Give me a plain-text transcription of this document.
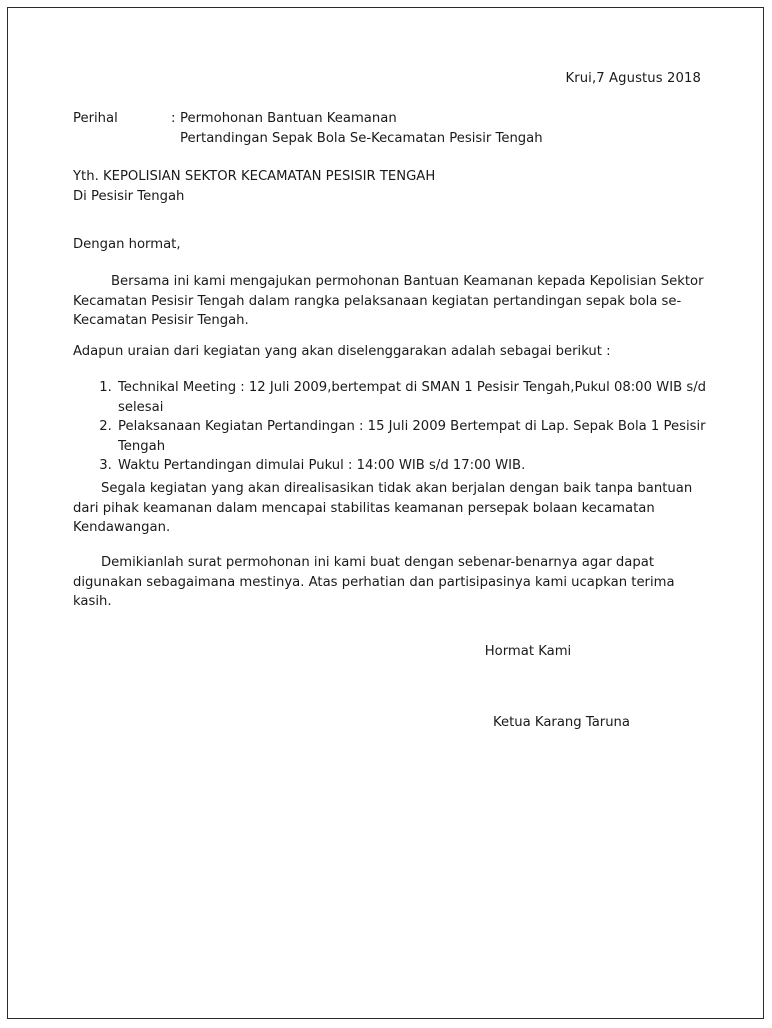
Krui,7 Agustus 2018
Perihal	: Permohonan Bantuan Keamanan
Pertandingan Sepak Bola Se-Kecamatan Pesisir Tengah
Yth. KEPOLISIAN SEKTOR KECAMATAN PESISIR TENGAH
Di Pesisir Tengah
Dengan hormat,
Bersama ini kami mengajukan permohonan Bantuan Keamanan kepada Kepolisian Sektor Kecamatan Pesisir Tengah dalam rangka pelaksanaan kegiatan pertandingan sepak bola se-Kecamatan Pesisir Tengah.
Adapun uraian dari kegiatan yang akan diselenggarakan adalah sebagai berikut :
1. Technikal Meeting : 12 Juli 2009,bertempat di SMAN 1 Pesisir Tengah,Pukul 08:00 WIB s/d selesai
2. Pelaksanaan Kegiatan Pertandingan : 15 Juli 2009 Bertempat di Lap. Sepak Bola 1 Pesisir Tengah
3. Waktu Pertandingan dimulai Pukul : 14:00 WIB s/d 17:00 WIB.
Segala kegiatan yang akan direalisasikan tidak akan berjalan dengan baik tanpa bantuan dari pihak keamanan dalam mencapai stabilitas keamanan persepak bolaan kecamatan Kendawangan.
Demikianlah surat permohonan ini kami buat dengan sebenar-benarnya agar dapat digunakan sebagaimana mestinya. Atas perhatian dan partisipasinya kami ucapkan terima kasih.
Hormat Kami
Ketua Karang Taruna
